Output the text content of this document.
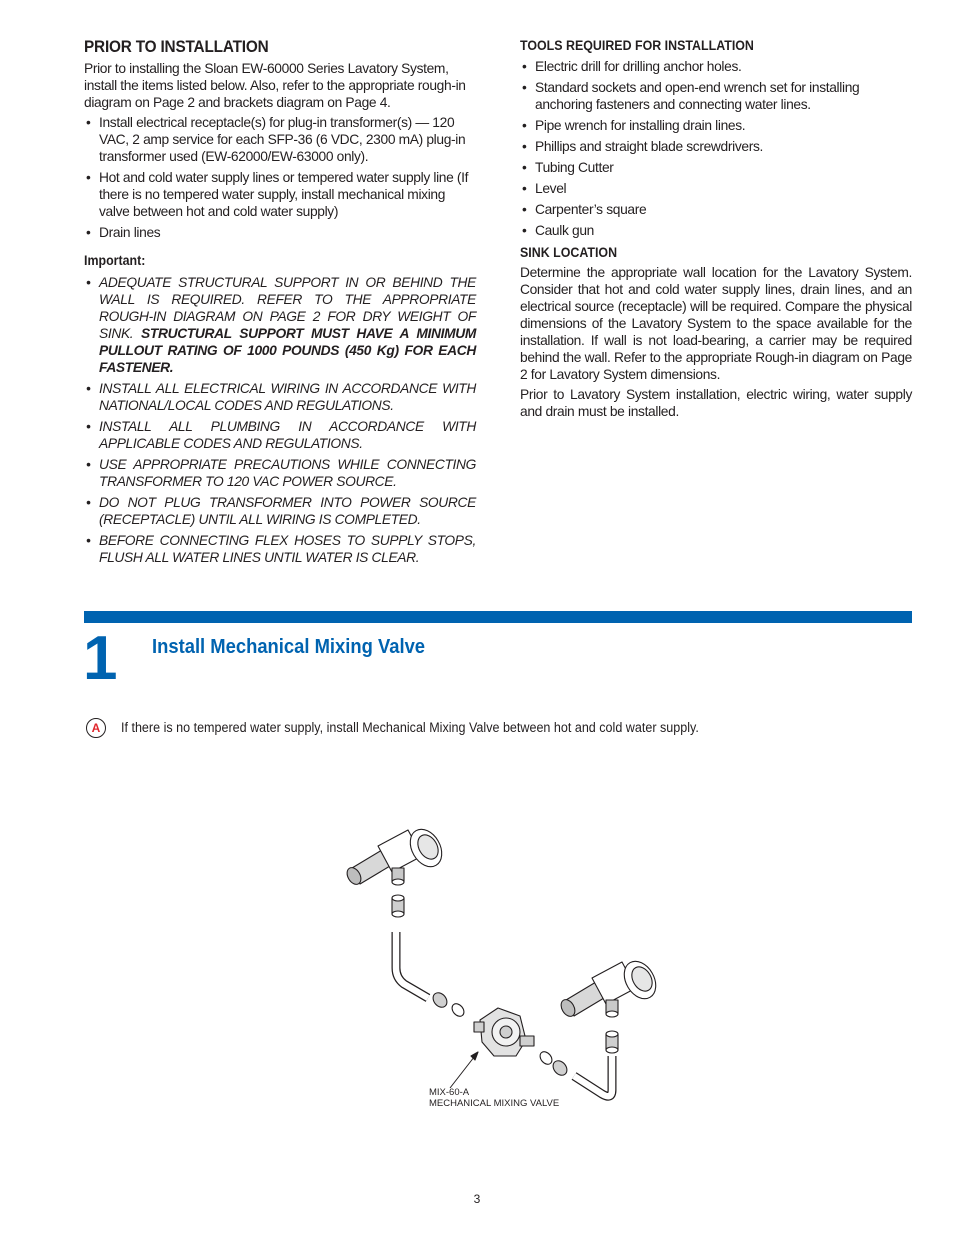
PRIOR TO INSTALLATION

Prior to installing the Sloan EW-60000 Series Lavatory System, install the items listed below. Also, refer to the appropriate rough-in diagram on Page 2 and brackets diagram on Page 4.

• Install electrical receptacle(s) for plug-in transformer(s) — 120 VAC, 2 amp service for each SFP-36 (6 VDC, 2300 mA) plug-in transformer used (EW-62000/EW-63000 only).
• Hot and cold water supply lines or tempered water supply line (If there is no tempered water supply, install mechanical mixing valve between hot and cold water supply)
• Drain lines
Important:
• ADEQUATE STRUCTURAL SUPPORT IN OR BEHIND THE WALL IS REQUIRED. REFER TO THE APPROPRIATE ROUGH-IN DIAGRAM ON PAGE 2 FOR DRY WEIGHT OF SINK. STRUCTURAL SUPPORT MUST HAVE A MINIMUM PULLOUT RATING OF 1000 POUNDS (450 Kg) FOR EACH FASTENER.
• INSTALL ALL ELECTRICAL WIRING IN ACCORDANCE WITH NATIONAL/LOCAL CODES AND REGULATIONS.
• INSTALL ALL PLUMBING IN ACCORDANCE WITH APPLICABLE CODES AND REGULATIONS.
• USE APPROPRIATE PRECAUTIONS WHILE CONNECTING TRANSFORMER TO 120 VAC POWER SOURCE.
• DO NOT PLUG TRANSFORMER INTO POWER SOURCE (RECEPTACLE) UNTIL ALL WIRING IS COMPLETED.
• BEFORE CONNECTING FLEX HOSES TO SUPPLY STOPS, FLUSH ALL WATER LINES UNTIL WATER IS CLEAR.
TOOLS REQUIRED FOR INSTALLATION
• Electric drill for drilling anchor holes.
• Standard sockets and open-end wrench set for installing anchoring fasteners and connecting water lines.
• Pipe wrench for installing drain lines.
• Phillips and straight blade screwdrivers.
• Tubing Cutter
• Level
• Carpenter’s square
• Caulk gun
SINK LOCATION

Determine the appropriate wall location for the Lavatory System. Consider that hot and cold water supply lines, drain lines, and an electrical source (receptacle) will be required. Compare the physical dimensions of the Lavatory System to the space available for the installation. If wall is not load-bearing, a carrier may be required behind the wall. Refer to the appropriate Rough-in diagram on Page 2 for Lavatory System dimensions.

Prior to Lavatory System installation, electric wiring, water supply and drain must be installed.

1 Install Mechanical Mixing Valve
A If there is no tempered water supply, install Mechanical Mixing Valve between hot and cold water supply.
MIX-60-A
MECHANICAL MIXING VALVE
3
